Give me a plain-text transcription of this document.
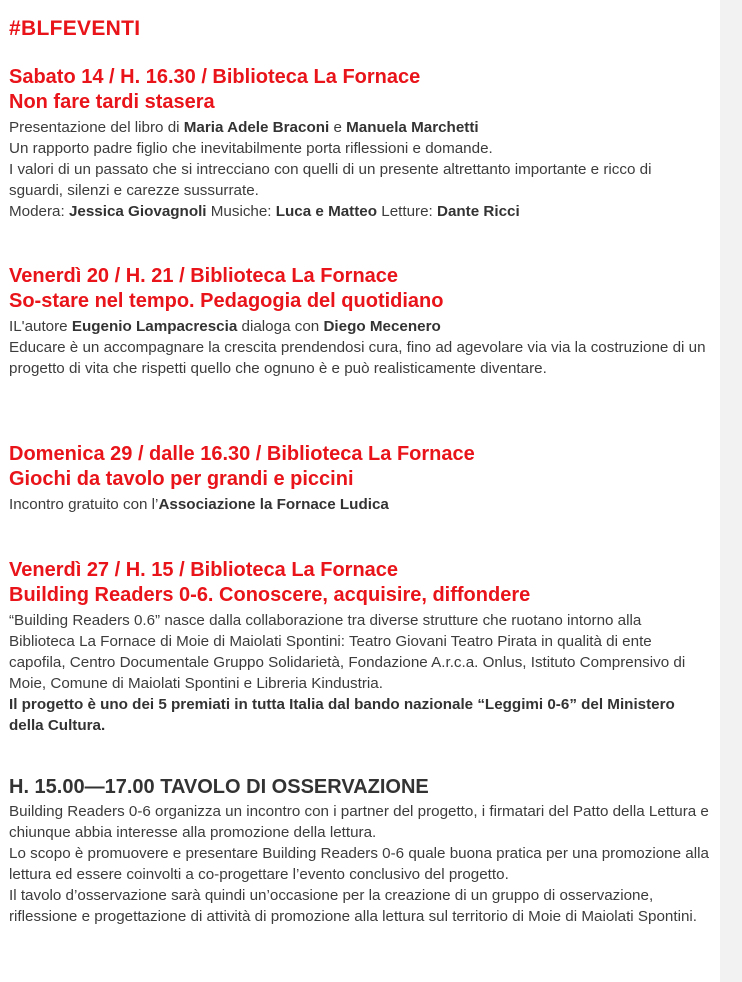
#BLFEVENTI
Sabato 14 / H. 16.30 / Biblioteca La Fornace
Non fare tardi stasera
Presentazione del libro di Maria Adele Braconi e Manuela Marchetti
Un rapporto padre figlio che inevitabilmente porta riflessioni e domande.
I valori di un passato che si intrecciano con quelli di un presente altrettanto importante e ricco di sguardi, silenzi e carezze sussurrate.
Modera: Jessica Giovagnoli Musiche: Luca e Matteo Letture: Dante Ricci
Venerdì 20 / H. 21 / Biblioteca La Fornace
So-stare nel tempo. Pedagogia del quotidiano
IL'autore Eugenio Lampacrescia dialoga con Diego Mecenero
Educare è un accompagnare la crescita prendendosi cura, fino ad agevolare via via la costruzione di un progetto di vita che rispetti quello che ognuno è e può realisticamente diventare.
Domenica 29 / dalle 16.30 / Biblioteca La Fornace
Giochi da tavolo per grandi e piccini
Incontro gratuito con l’Associazione la Fornace Ludica
Venerdì 27 / H. 15 / Biblioteca La Fornace
Building Readers 0-6. Conoscere, acquisire, diffondere
“Building Readers 0.6” nasce dalla collaborazione tra diverse strutture che ruotano intorno alla Biblioteca La Fornace di Moie di Maiolati Spontini: Teatro Giovani Teatro Pirata in qualità di ente capofila, Centro Documentale Gruppo Solidarietà, Fondazione A.r.c.a. Onlus, Istituto Comprensivo di Moie, Comune di Maiolati Spontini e Libreria Kindustria.
Il progetto è uno dei 5 premiati in tutta Italia dal bando nazionale “Leggimi 0-6” del Ministero della Cultura.
H. 15.00—17.00 TAVOLO DI OSSERVAZIONE
Building Readers 0-6 organizza un incontro con i partner del progetto, i firmatari del Patto della Lettura e chiunque abbia interesse alla promozione della lettura.
Lo scopo è promuovere e presentare Building Readers 0-6 quale buona pratica per una promozione alla lettura ed essere coinvolti a co-progettare l’evento conclusivo del progetto.
Il tavolo d’osservazione sarà quindi un’occasione per la creazione di un gruppo di osservazione, riflessione e progettazione di attività di promozione alla lettura sul territorio di Moie di Maiolati Spontini.
